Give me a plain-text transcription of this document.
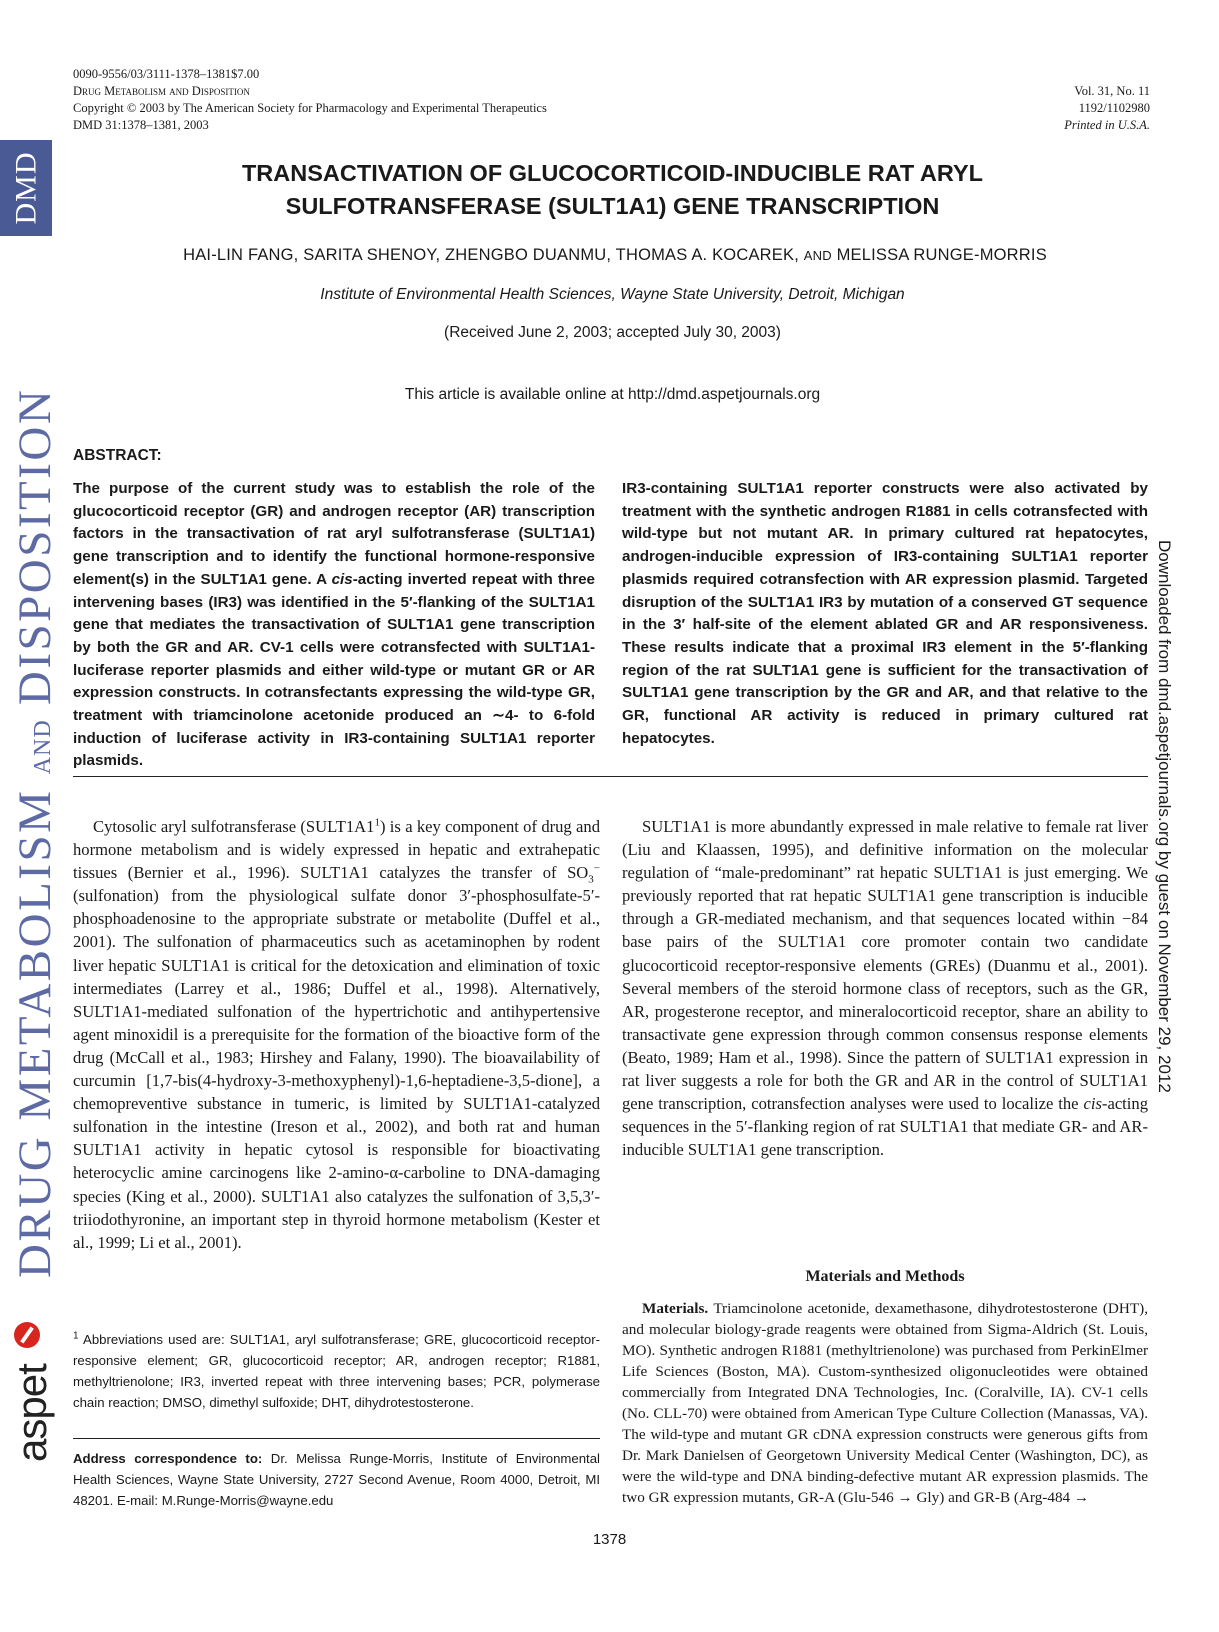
0090-9556/03/3111-1378–1381$7.00
Drug Metabolism and Disposition
Copyright © 2003 by The American Society for Pharmacology and Experimental Therapeutics
DMD 31:1378–1381, 2003
Vol. 31, No. 11
1192/1102980
Printed in U.S.A.
DMD
DRUG METABOLISM AND DISPOSITION
aspet
Downloaded from dmd.aspetjournals.org by guest on November 29, 2012
TRANSACTIVATION OF GLUCOCORTICOID-INDUCIBLE RAT ARYL
SULFOTRANSFERASE (SULT1A1) GENE TRANSCRIPTION
HAI-LIN FANG, SARITA SHENOY, ZHENGBO DUANMU, THOMAS A. KOCAREK, AND MELISSA RUNGE-MORRIS
Institute of Environmental Health Sciences, Wayne State University, Detroit, Michigan
(Received June 2, 2003; accepted July 30, 2003)
This article is available online at http://dmd.aspetjournals.org
ABSTRACT:
The purpose of the current study was to establish the role of the glucocorticoid receptor (GR) and androgen receptor (AR) transcription factors in the transactivation of rat aryl sulfotransferase (SULT1A1) gene transcription and to identify the functional hormone-responsive element(s) in the SULT1A1 gene. A cis-acting inverted repeat with three intervening bases (IR3) was identified in the 5′-flanking of the SULT1A1 gene that mediates the transactivation of SULT1A1 gene transcription by both the GR and AR. CV-1 cells were cotransfected with SULT1A1-luciferase reporter plasmids and either wild-type or mutant GR or AR expression constructs. In cotransfectants expressing the wild-type GR, treatment with triamcinolone acetonide produced an ∼4- to 6-fold induction of luciferase activity in IR3-containing SULT1A1 reporter plasmids.
IR3-containing SULT1A1 reporter constructs were also activated by treatment with the synthetic androgen R1881 in cells cotransfected with wild-type but not mutant AR. In primary cultured rat hepatocytes, androgen-inducible expression of IR3-containing SULT1A1 reporter plasmids required cotransfection with AR expression plasmid. Targeted disruption of the SULT1A1 IR3 by mutation of a conserved GT sequence in the 3′ half-site of the element ablated GR and AR responsiveness. These results indicate that a proximal IR3 element in the 5′-flanking region of the rat SULT1A1 gene is sufficient for the transactivation of SULT1A1 gene transcription by the GR and AR, and that relative to the GR, functional AR activity is reduced in primary cultured rat hepatocytes.

Cytosolic aryl sulfotransferase $(SULT1A1^1)$ is a key component of drug and hormone metabolism and is widely expressed in hepatic and extrahepatic tissues (Bernier et al., 1996). SULT1A1 catalyzes the transfer of $SO_3^-$ (sulfonation) from the physiological sulfate donor 3′-phosphosulfate-5′-phosphoadenosine to the appropriate substrate or metabolite (Duffel et al., 2001). The sulfonation of pharmaceutics such as acetaminophen by rodent liver hepatic SULT1A1 is critical for the detoxication and elimination of toxic intermediates (Larrey et al., 1986; Duffel et al., 1998). Alternatively, SULT1A1-mediated sulfonation of the hypertrichotic and antihypertensive agent minoxidil is a prerequisite for the formation of the bioactive form of the drug (McCall et al., 1983; Hirshey and Falany, 1990). The bioavailability of curcumin [1,7-bis(4-hydroxy-3-methoxyphenyl)-1,6-heptadiene-3,5-dione], a chemopreventive substance in tumeric, is limited by SULT1A1-catalyzed sulfonation in the intestine (Ireson et al., 2002), and both rat and human SULT1A1 activity in hepatic cytosol is responsible for bioactivating heterocyclic amine carcinogens like 2-amino-α-carboline to DNA-damaging species (King et al., 2000). SULT1A1 also catalyzes the sulfonation of 3,5,3′-triiodothyronine, an important step in thyroid hormone metabolism (Kester et al., 1999; Li et al., 2001).

$^1$ Abbreviations used are: SULT1A1, aryl sulfotransferase; GRE, glucocorticoid receptor-responsive element; GR, glucocorticoid receptor; AR, androgen receptor; R1881, methyltrienolone; IR3, inverted repeat with three intervening bases; PCR, polymerase chain reaction; DMSO, dimethyl sulfoxide; DHT, dihydrotestosterone.
Address correspondence to: Dr. Melissa Runge-Morris, Institute of Environmental Health Sciences, Wayne State University, 2727 Second Avenue, Room 4000, Detroit, MI 48201. E-mail: M.Runge-Morris@wayne.edu

SULT1A1 is more abundantly expressed in male relative to female rat liver (Liu and Klaassen, 1995), and definitive information on the molecular regulation of “male-predominant” rat hepatic SULT1A1 is just emerging. We previously reported that rat hepatic SULT1A1 gene transcription is inducible through a GR-mediated mechanism, and that sequences located within −84 base pairs of the SULT1A1 core promoter contain two candidate glucocorticoid receptor-responsive elements (GREs) (Duanmu et al., 2001). Several members of the steroid hormone class of receptors, such as the GR, AR, progesterone receptor, and mineralocorticoid receptor, share an ability to transactivate gene expression through common consensus response elements (Beato, 1989; Ham et al., 1998). Since the pattern of SULT1A1 expression in rat liver suggests a role for both the GR and AR in the control of SULT1A1 gene transcription, cotransfection analyses were used to localize the cis-acting sequences in the 5′-flanking region of rat SULT1A1 that mediate GR- and AR-inducible SULT1A1 gene transcription.

Materials and Methods

Materials. Triamcinolone acetonide, dexamethasone, dihydrotestosterone (DHT), and molecular biology-grade reagents were obtained from Sigma-Aldrich (St. Louis, MO). Synthetic androgen R1881 (methyltrienolone) was purchased from PerkinElmer Life Sciences (Boston, MA). Custom-synthesized oligonucleotides were obtained commercially from Integrated DNA Technologies, Inc. (Coralville, IA). CV-1 cells (No. CLL-70) were obtained from American Type Culture Collection (Manassas, VA). The wild-type and mutant GR cDNA expression constructs were generous gifts from Dr. Mark Danielsen of Georgetown University Medical Center (Washington, DC), as were the wild-type and DNA binding-defective mutant AR expression plasmids. The two GR expression mutants, GR-A (Glu-546 → Gly) and GR-B (Arg-484 →

1378
